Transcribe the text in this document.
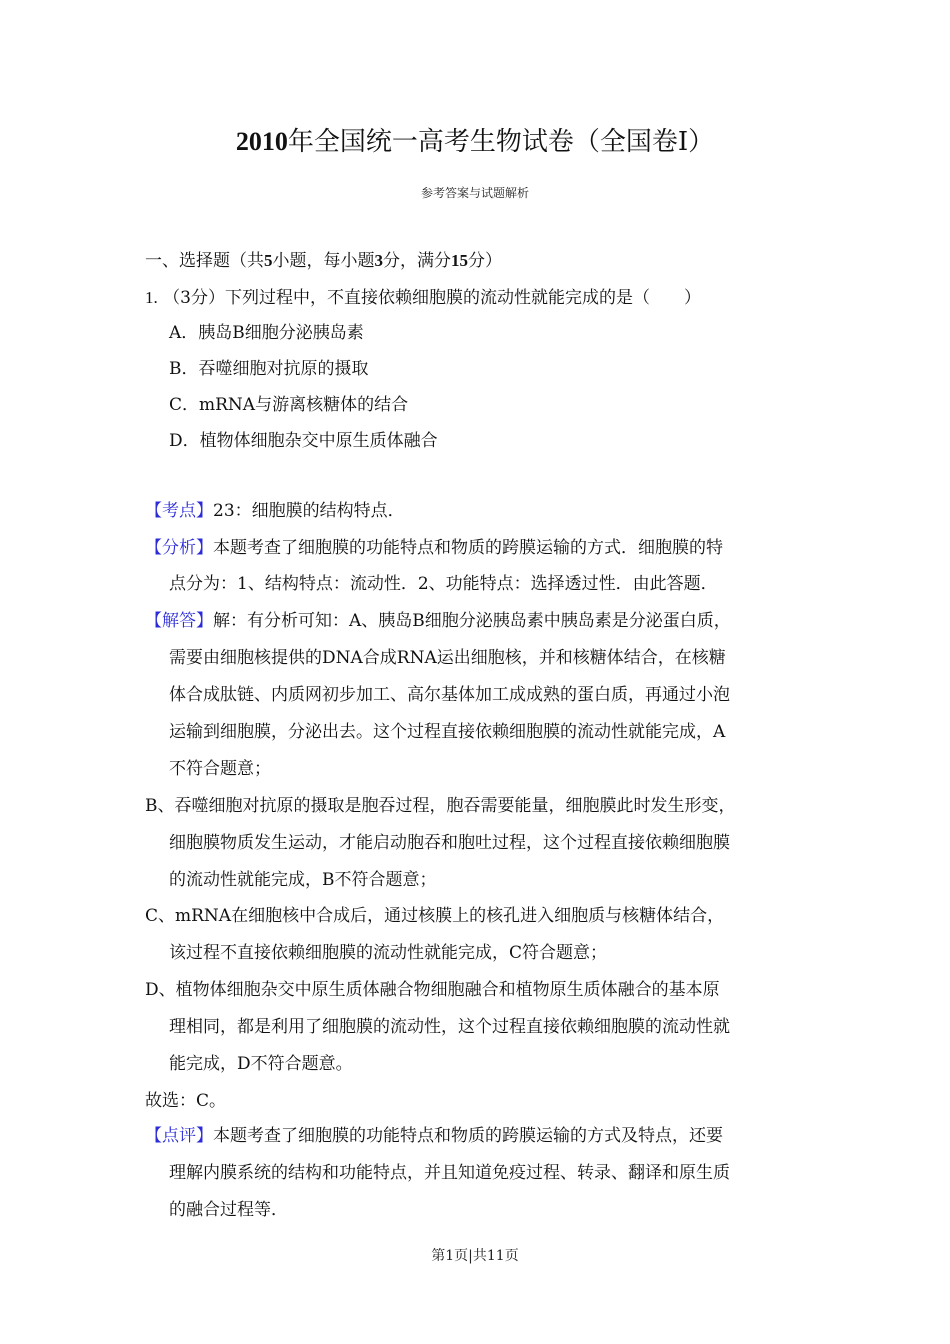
2010年全国统一高考生物试卷（全国卷Ⅰ）
参考答案与试题解析
一、选择题（共5小题，每小题3分，满分15分）
1. （3分）下列过程中，不直接依赖细胞膜的流动性就能完成的是（　　）
A．胰岛B细胞分泌胰岛素
B．吞噬细胞对抗原的摄取
C．mRNA与游离核糖体的结合
D．植物体细胞杂交中原生质体融合
【考点】23：细胞膜的结构特点．
【分析】本题考查了细胞膜的功能特点和物质的跨膜运输的方式．细胞膜的特
点分为：1、结构特点：流动性．2、功能特点：选择透过性．由此答题．
【解答】解：有分析可知：A、胰岛B细胞分泌胰岛素中胰岛素是分泌蛋白质，
需要由细胞核提供的DNA合成RNA运出细胞核，并和核糖体结合，在核糖
体合成肽链、内质网初步加工、高尔基体加工成成熟的蛋白质，再通过小泡
运输到细胞膜，分泌出去。这个过程直接依赖细胞膜的流动性就能完成，A
不符合题意；
B、吞噬细胞对抗原的摄取是胞吞过程，胞吞需要能量，细胞膜此时发生形变，
细胞膜物质发生运动，才能启动胞吞和胞吐过程，这个过程直接依赖细胞膜
的流动性就能完成，B不符合题意；
C、mRNA在细胞核中合成后，通过核膜上的核孔进入细胞质与核糖体结合，
该过程不直接依赖细胞膜的流动性就能完成，C符合题意；
D、植物体细胞杂交中原生质体融合物细胞融合和植物原生质体融合的基本原
理相同，都是利用了细胞膜的流动性，这个过程直接依赖细胞膜的流动性就
能完成，D不符合题意。
故选：C。
【点评】本题考查了细胞膜的功能特点和物质的跨膜运输的方式及特点，还要
理解内膜系统的结构和功能特点，并且知道免疫过程、转录、翻译和原生质
的融合过程等．
第1页|共11页
